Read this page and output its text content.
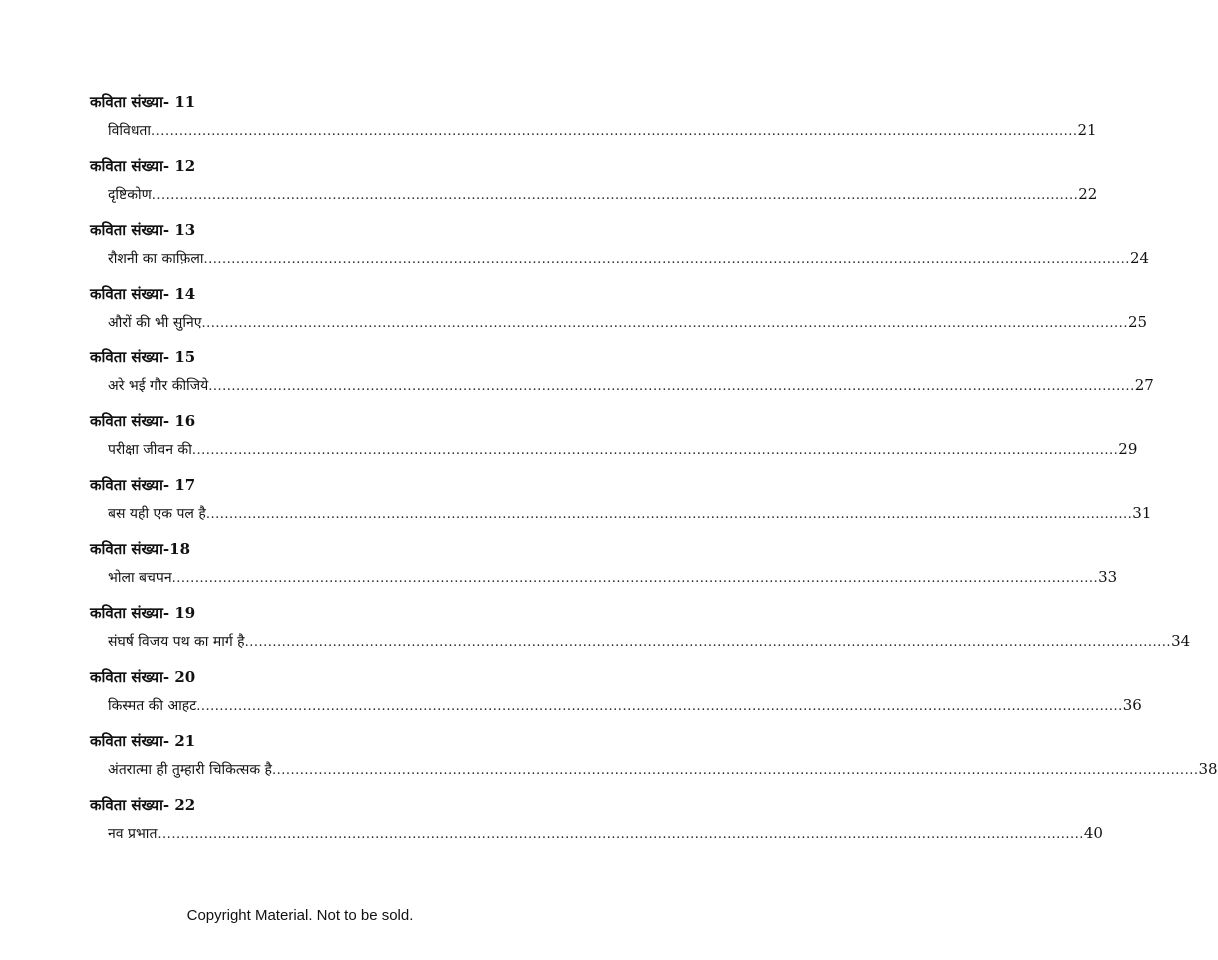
कविता संख्या- 11
विविधता ........................................................................................................................................................................................................ 21
कविता संख्या- 12
दृष्टिकोण ........................................................................................................................................................................................................ 22
कविता संख्या- 13
रौशनी का काफ़िला ........................................................................................................................................................................................................ 24
कविता संख्या- 14
औरों की भी सुनिए ........................................................................................................................................................................................................ 25
कविता संख्या- 15
अरे भई गौर कीजिये ........................................................................................................................................................................................................ 27
कविता संख्या- 16
परीक्षा जीवन की ........................................................................................................................................................................................................ 29
कविता संख्या- 17
बस यही एक पल है ........................................................................................................................................................................................................ 31
कविता संख्या-18
भोला बचपन ........................................................................................................................................................................................................ 33
कविता संख्या- 19
संघर्ष विजय पथ का मार्ग है ........................................................................................................................................................................................................ 34
कविता संख्या- 20
किस्मत की आहट ........................................................................................................................................................................................................ 36
कविता संख्या- 21
अंतरात्मा ही तुम्हारी चिकित्सक है ........................................................................................................................................................................................................ 38
कविता संख्या- 22
नव प्रभात ........................................................................................................................................................................................................ 40
Copyright Material. Not to be sold.
